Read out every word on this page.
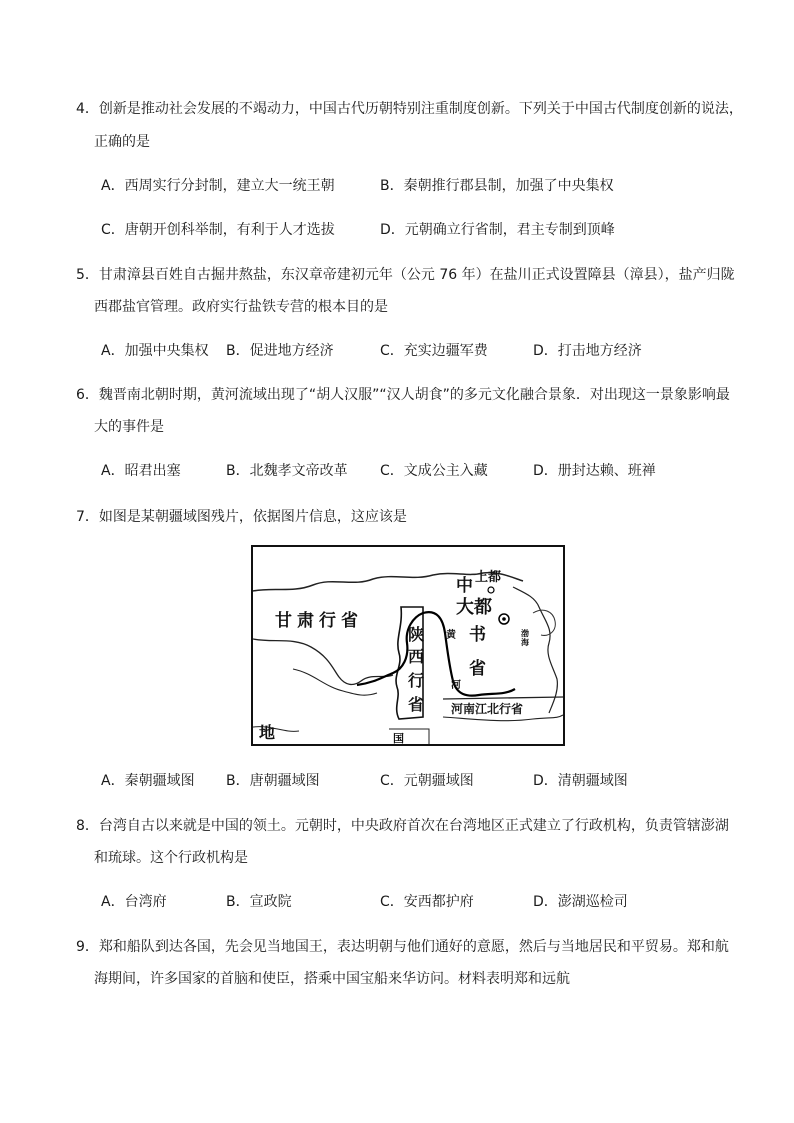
4．创新是推动社会发展的不竭动力，中国古代历朝特别注重制度创新。下列关于中国古代制度创新的说法，
正确的是
A．西周实行分封制，建立大一统王朝	B．秦朝推行郡县制，加强了中央集权
C．唐朝开创科举制，有利于人才选拔	D．元朝确立行省制，君主专制到顶峰
5．甘肃漳县百姓自古掘井熬盐，东汉章帝建初元年（公元 76 年）在盐川正式设置障县（漳县），盐产归陇
西郡盐官管理。政府实行盐铁专营的根本目的是
A．加强中央集权 B．促进地方经济	C．充实边疆军费	D．打击地方经济
6．魏晋南北朝时期，黄河流域出现了“胡人汉服”“汉人胡食”的多元文化融合景象．对出现这一景象影响最
大的事件是
A．昭君出塞	B．北魏孝文帝改革 C．文成公主入藏	D．册封达赖、班禅
7．如图是某朝疆域图残片，依据图片信息，这应该是
甘肃行省
上都
中
大都
书
省
陕
西
行
省
黄
河
河南江北行省
地	国
渤海
A．秦朝疆域图 B．唐朝疆域图	C．元朝疆域图	D．清朝疆域图
8．台湾自古以来就是中国的领土。元朝时，中央政府首次在台湾地区正式建立了行政机构，负责管辖澎湖
和琉球。这个行政机构是
A．台湾府	B．宣政院	C．安西都护府	D．澎湖巡检司
9．郑和船队到达各国，先会见当地国王，表达明朝与他们通好的意愿，然后与当地居民和平贸易。郑和航
海期间，许多国家的首脑和使臣，搭乘中国宝船来华访问。材料表明郑和远航
